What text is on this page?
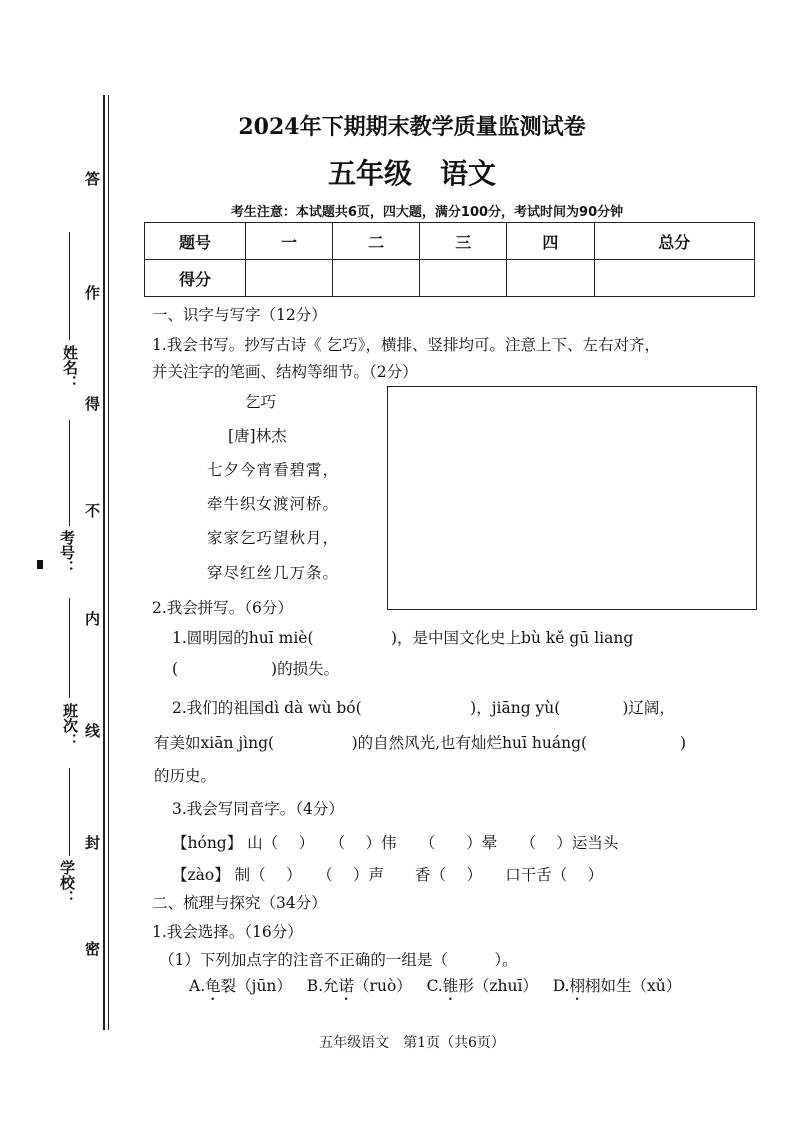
答
作
得
不
内
线
封
密
姓名：
考号：
班次：
学校：
2024年下期期末教学质量监测试卷
五年级　语文
考生注意：本试题共6页，四大题，满分100分，考试时间为90分钟
题号	一	二	三	四	总分
得分					
一、识字与写字（12分）
1.我会书写。抄写古诗《 乞巧》，横排、竖排均可。注意上下、左右对齐，
并关注字的笔画、结构等细节。（2分）
乞巧
[唐]林杰
七夕今宵看碧霄，
牵牛织女渡河桥。
家家乞巧望秋月，
穿尽红丝几万条。
2.我会拼写。（6分）
1.圆明园的huī miè(　　　　　)，是中国文化史上bù kě gū liang
(　　　　　　)的损失。
2.我们的祖国dì dà wù bó(　　　　　　　)，jiāng yù(　　　　)辽阔，
有美如xiān jìng(　　　　　)的自然风光,也有灿烂huī huáng(　　　　　　)
的历史。
3.我会写同音字。（4分）
【hóng】 山（　 ）　　（　 ）伟　　（　　）晕　　（　 ）运当头
【zào】 制（　 ）　　（　 ）声　　香（　 ）　　口干舌（　 ）
二、梳理与探究（34分）
1.我会选择。（16分）
（1）下列加点字的注音不正确的一组是（　　　）。
A.龟裂（jūn） B.允诺（ruò） C.锥形（zhuī） D.栩栩如生（xǔ）
五年级语文　第1页（共6页）
